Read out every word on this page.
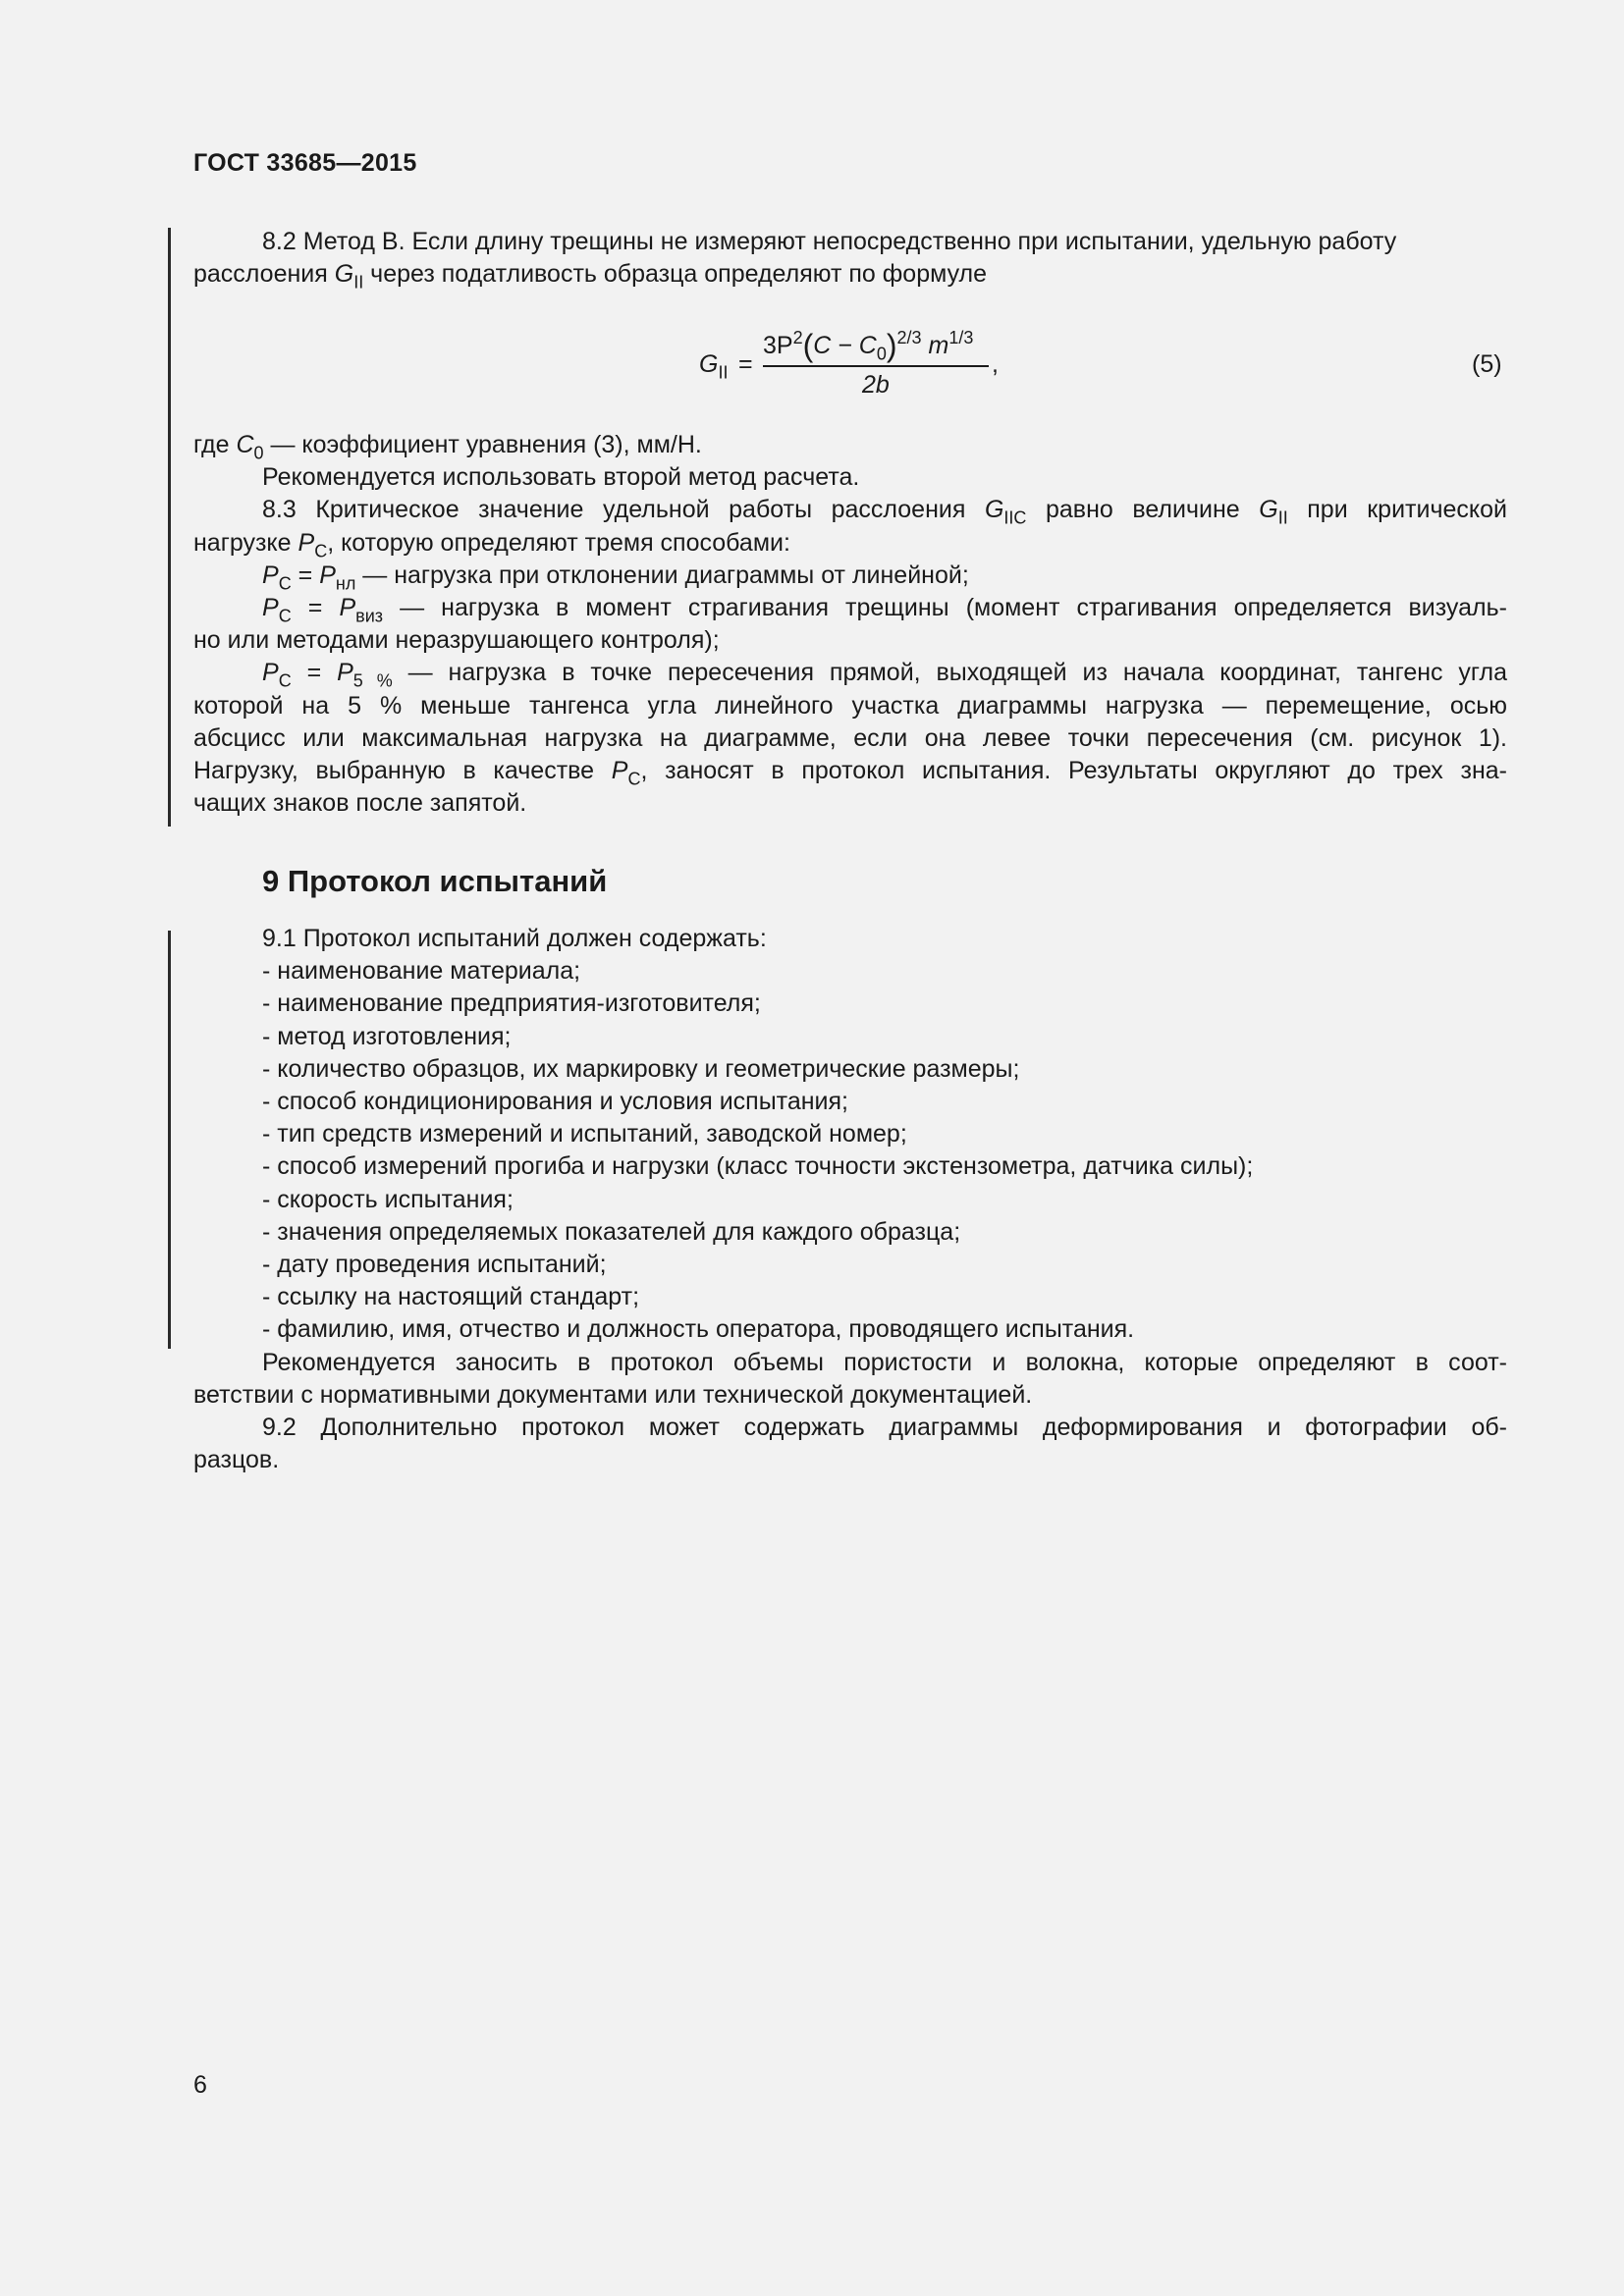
ГОСТ 33685—2015

8.2 Метод В. Если длину трещины не измеряют непосредственно при испытании, удельную работу

расслоения $G_{II}$ через податливость образца определяют по формуле

$G_{II}$ =
$3P^2(C - C_0)^{2/3}$ $m^{1/3}$
2b
,	(5)

где $C_0$ — коэффициент уравнения (3), мм/Н.

Рекомендуется использовать второй метод расчета.

8.3 Критическое значение удельной работы расслоения $G_{IIC}$ равно величине $G_{II}$ при критической

нагрузке $P_C$, которую определяют тремя способами:

$P_C = P_{нл}$ — нагрузка при отклонении диаграммы от линейной;

$P_C = P_{виз}$ — нагрузка в момент страгивания трещины (момент страгивания определяется визуаль-

но или методами неразрушающего контроля);

$P_C = P_{5 \%}$ — нагрузка в точке пересечения прямой, выходящей из начала координат, тангенс угла

которой на 5 % меньше тангенса угла линейного участка диаграммы нагрузка — перемещение, осью

абсцисс или максимальная нагрузка на диаграмме, если она левее точки пересечения (см. рисунок 1).

Нагрузку, выбранную в качестве $P_C$, заносят в протокол испытания. Результаты округляют до трех зна-

чащих знаков после запятой.

9 Протокол испытаний

9.1 Протокол испытаний должен содержать:

- наименование материала;

- наименование предприятия-изготовителя;

- метод изготовления;

- количество образцов, их маркировку и геометрические размеры;

- способ кондиционирования и условия испытания;

- тип средств измерений и испытаний, заводской номер;

- способ измерений прогиба и нагрузки (класс точности экстензометра, датчика силы);

- скорость испытания;

- значения определяемых показателей для каждого образца;

- дату проведения испытаний;

- ссылку на настоящий стандарт;

- фамилию, имя, отчество и должность оператора, проводящего испытания.

Рекомендуется заносить в протокол объемы пористости и волокна, которые определяют в соот-

ветствии с нормативными документами или технической документацией.

9.2 Дополнительно протокол может содержать диаграммы деформирования и фотографии об-

разцов.

6
